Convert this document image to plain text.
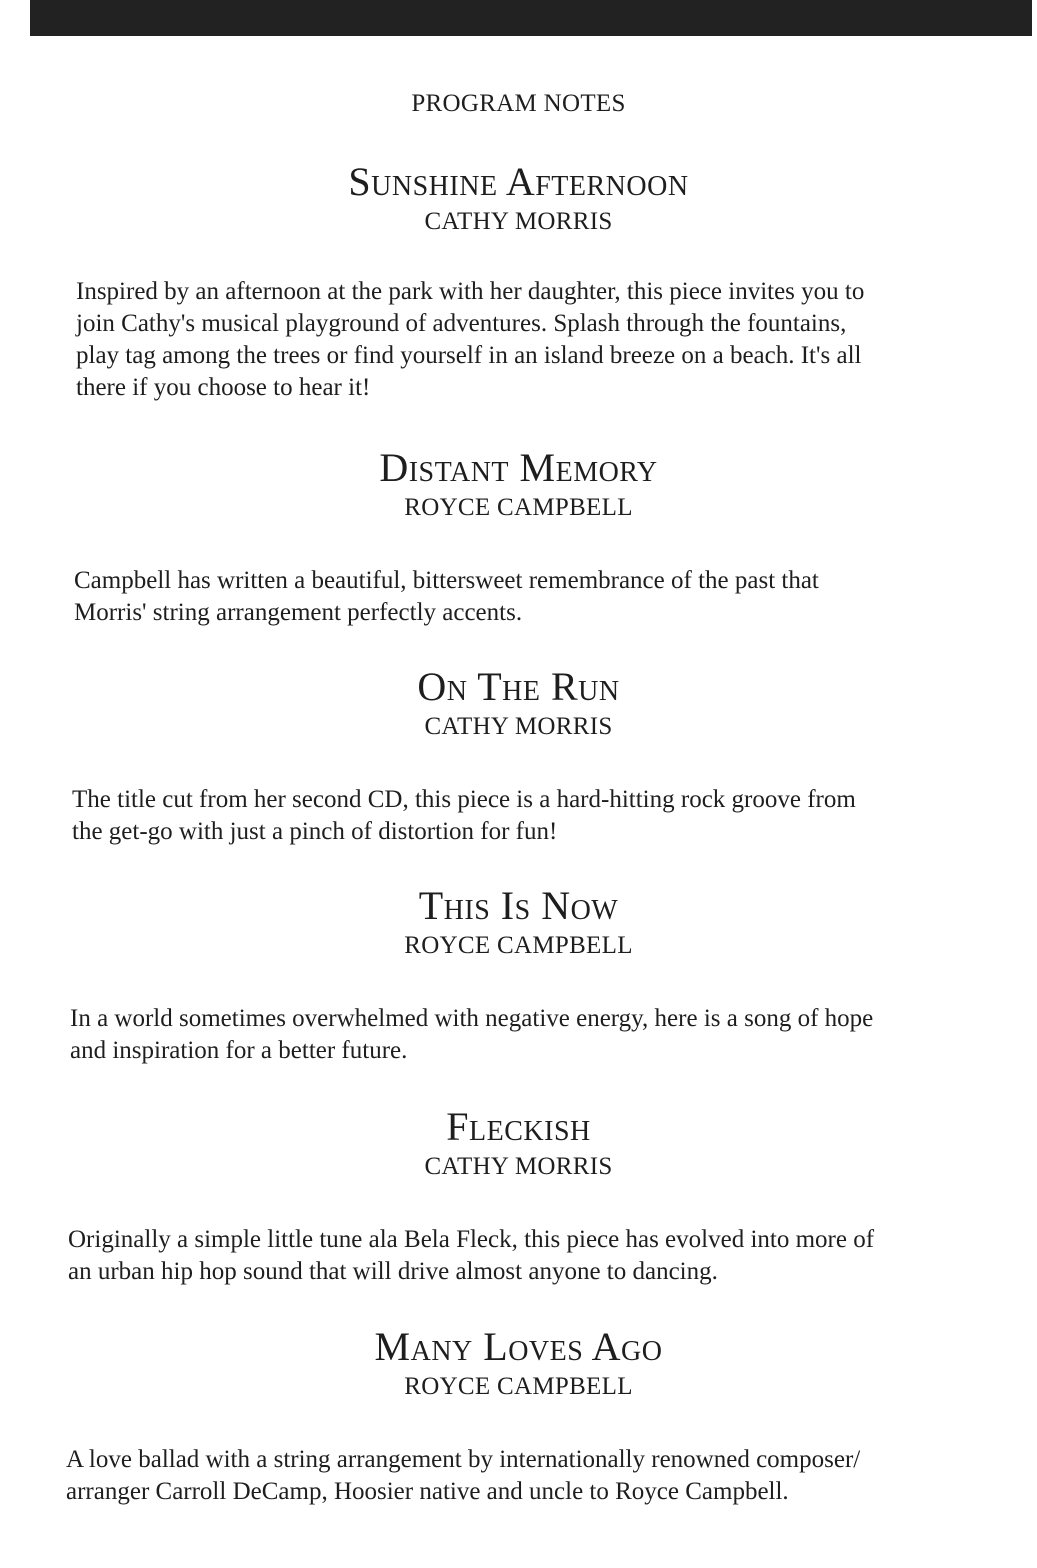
PROGRAM NOTES
Sunshine Afternoon
CATHY MORRIS
Inspired by an afternoon at the park with her daughter, this piece invites you to
join Cathy's musical playground of adventures. Splash through the fountains,
play tag among the trees or find yourself in an island breeze on a beach. It's all
there if you choose to hear it!
Distant Memory
ROYCE CAMPBELL
Campbell has written a beautiful, bittersweet remembrance of the past that
Morris' string arrangement perfectly accents.
On The Run
CATHY MORRIS
The title cut from her second CD, this piece is a hard-hitting rock groove from
the get-go with just a pinch of distortion for fun!
This Is Now
ROYCE CAMPBELL
In a world sometimes overwhelmed with negative energy, here is a song of hope
and inspiration for a better future.
Fleckish
CATHY MORRIS
Originally a simple little tune ala Bela Fleck, this piece has evolved into more of
an urban hip hop sound that will drive almost anyone to dancing.
Many Loves Ago
ROYCE CAMPBELL
A love ballad with a string arrangement by internationally renowned composer/
arranger Carroll DeCamp, Hoosier native and uncle to Royce Campbell.
